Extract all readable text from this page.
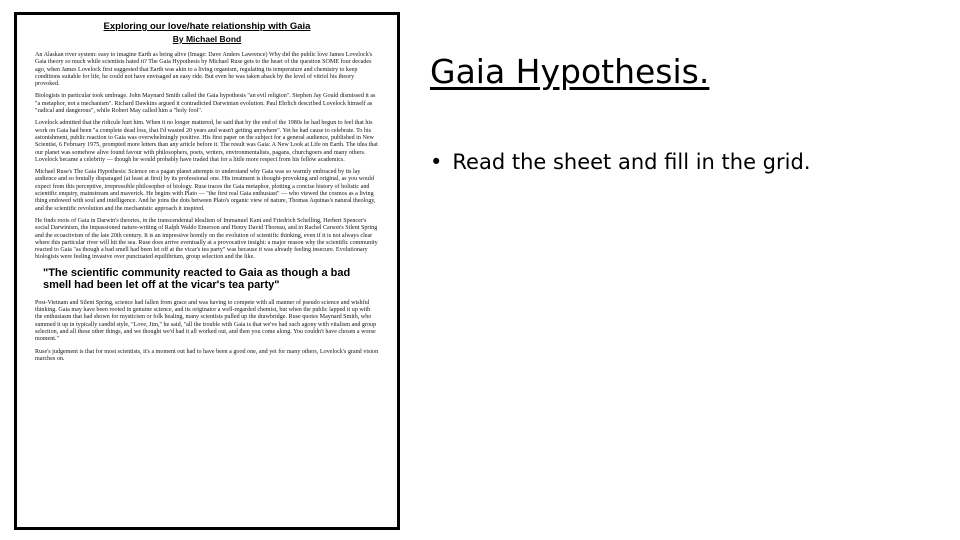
Exploring our love/hate relationship with Gaia
By Michael Bond

An Alaskan river system: easy to imagine Earth as being alive (Image: Dave Anders Lawrence) Why did the public love James Lovelock's Gaia theory so much while scientists hated it? The Gaia Hypothesis by Michael Ruse gets to the heart of the question SOME four decades ago, when James Lovelock first suggested that Earth was akin to a living organism, regulating its temperature and chemistry to keep conditions suitable for life, he could not have envisaged an easy ride. But even he was taken aback by the level of vitriol his theory provoked.

Biologists in particular took umbrage. John Maynard Smith called the Gaia hypothesis "an evil religion". Stephen Jay Gould dismissed it as "a metaphor, not a mechanism". Richard Dawkins argued it contradicted Darwinian evolution. Paul Ehrlich described Lovelock himself as "radical and dangerous", while Robert May called him a "holy fool".

Lovelock admitted that the ridicule hurt him. When it no longer mattered, he said that by the end of the 1980s he had begun to feel that his work on Gaia had been "a complete dead loss, that I'd wasted 20 years and wasn't getting anywhere". Yet he had cause to celebrate. To his astonishment, public reaction to Gaia was overwhelmingly positive. His first paper on the subject for a general audience, published in New Scientist, 6 February 1975, prompted more letters than any article before it. The result was Gaia: A New Look at Life on Earth. The idea that our planet was somehow alive found favour with philosophers, poets, writers, environmentalists, pagans, churchgoers and many others. Lovelock became a celebrity — though he would probably have traded that for a little more respect from his fellow academics.

Michael Ruse's The Gaia Hypothesis: Science on a pagan planet attempts to understand why Gaia was so warmly embraced by its lay audience and so brutally disparaged (at least at first) by its professional one. His treatment is thought-provoking and original, as you would expect from this perceptive, irrepressible philosopher of biology. Ruse traces the Gaia metaphor, plotting a concise history of holistic and scientific enquiry, mainstream and maverick. He begins with Plato — "the first real Gaia enthusiast" — who viewed the cosmos as a living thing endowed with soul and intelligence. And he joins the dots between Plato's organic view of nature, Thomas Aquinas's natural theology, and the scientific revolution and the mechanistic approach it inspired.

He finds roots of Gaia in Darwin's theories, in the transcendental idealism of Immanuel Kant and Friedrich Schelling, Herbert Spencer's social Darwinism, the impassioned nature-writing of Ralph Waldo Emerson and Henry David Thoreau, and in Rachel Carson's Silent Spring and the ecoactivism of the late 20th century. It is an impressive homily on the evolution of scientific thinking, even if it is not always clear where this particular river will hit the sea. Ruse does arrive eventually at a provocative insight: a major reason why the scientific community reacted to Gaia "as though a bad smell had been let off at the vicar's tea party" was because it was already feeling insecure. Evolutionary biologists were feeling invasive over punctuated equilibrium, group selection and the like.

"The scientific community reacted to Gaia as though a bad smell had been let off at the vicar's tea party"

Post-Vietnam and Silent Spring, science had fallen from grace and was having to compete with all manner of pseudo science and wishful thinking. Gaia may have been rooted in genuine science, and its originator a well-regarded chemist, but when the public lapped it up with the enthusiasm that had shown for mysticism or folk healing, many scientists pulled up the drawbridge. Ruse quotes Maynard Smith, who summed it up in typically candid style, "Love, Jim," he said, "all the trouble with Gaia is that we've had such agony with vitalism and group selection, and all these other things, and we thought we'd had it all worked out, and then you come along. You couldn't have chosen a worse moment."

Ruse's judgement is that for most scientists, it's a moment out had to have been a good one, and yet for many others, Lovelock's grand vision marches on.

Gaia Hypothesis.
• Read the sheet and fill in the grid.
